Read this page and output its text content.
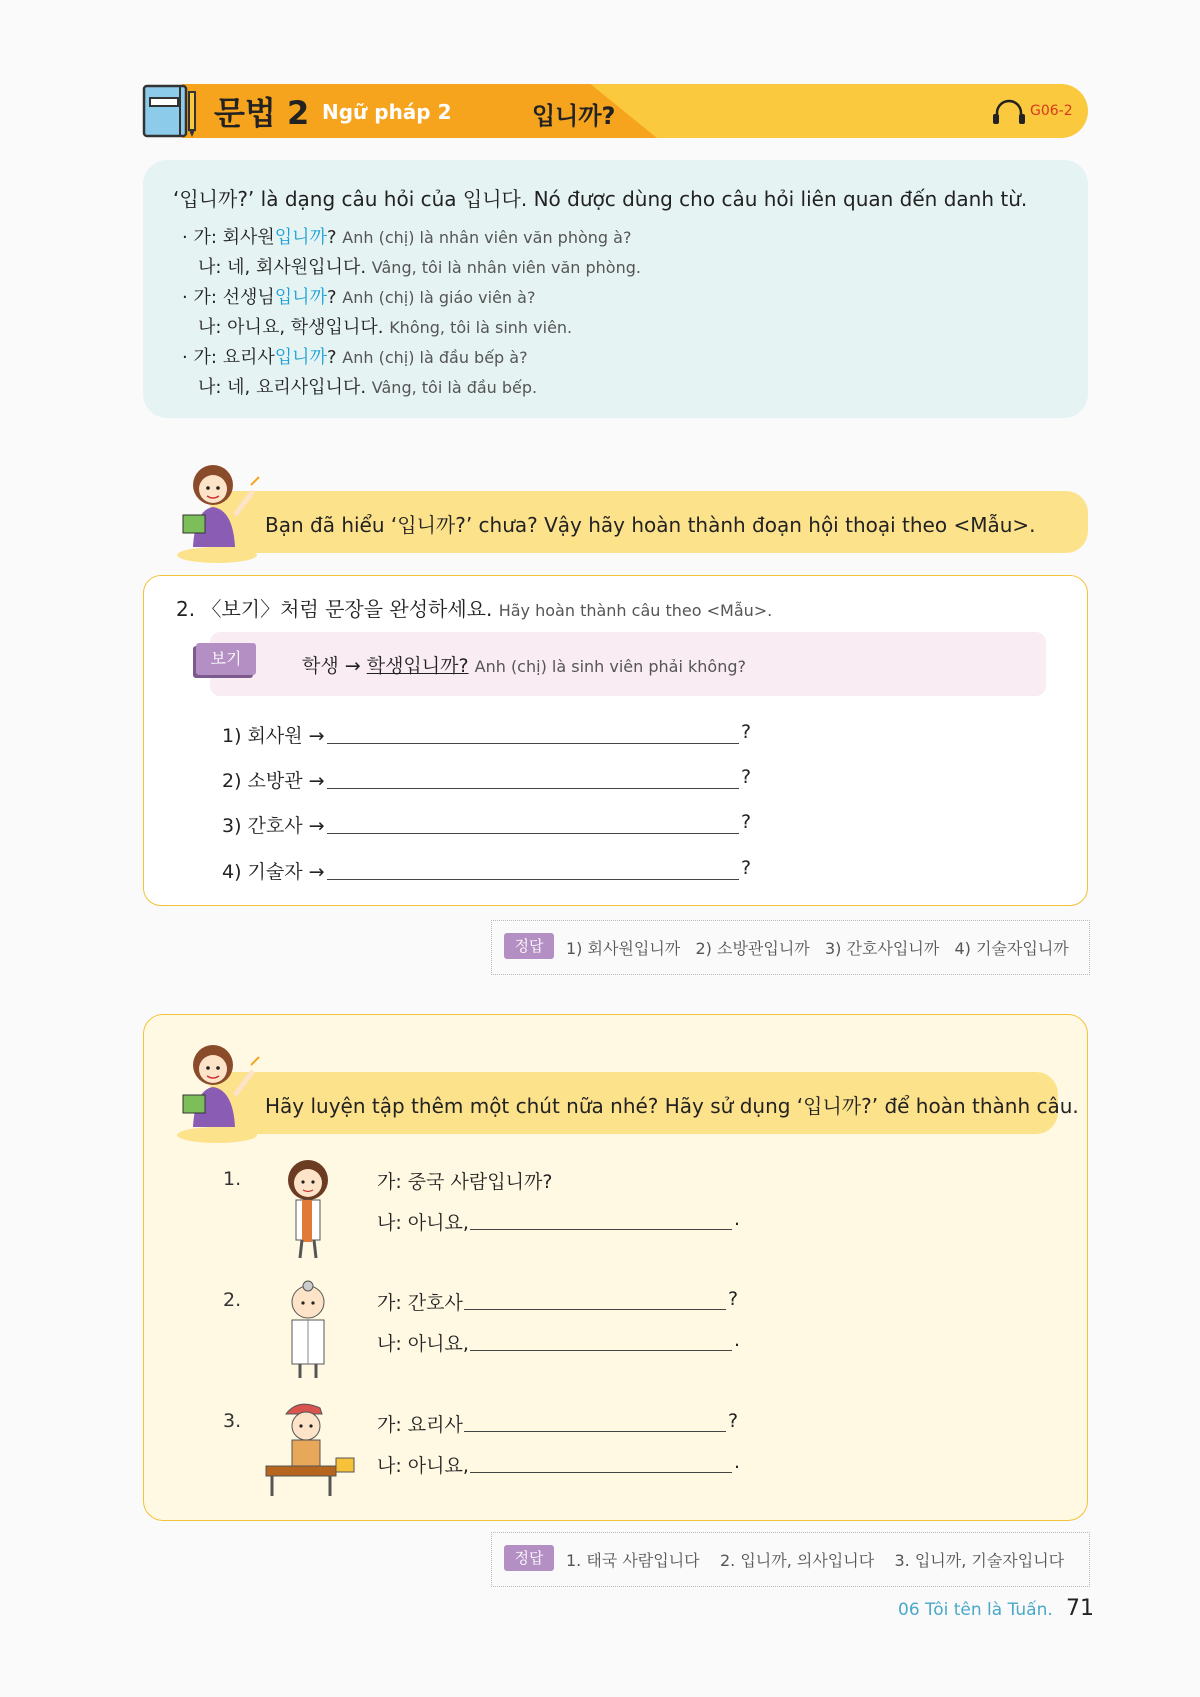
문법 2 Ngữ pháp 2	입니까?	G06-2
‘입니까?’ là dạng câu hỏi của 입니다. Nó được dùng cho câu hỏi liên quan đến danh từ.
· 가: 회사원입니까? Anh (chị) là nhân viên văn phòng à?
나: 네, 회사원입니다. Vâng, tôi là nhân viên văn phòng.
· 가: 선생님입니까? Anh (chị) là giáo viên à?
나: 아니요, 학생입니다. Không, tôi là sinh viên.
· 가: 요리사입니까? Anh (chị) là đầu bếp à?
나: 네, 요리사입니다. Vâng, tôi là đầu bếp.
Bạn đã hiểu ‘입니까?’ chưa? Vậy hãy hoàn thành đoạn hội thoại theo <Mẫu>.
2. 〈보기〉처럼 문장을 완성하세요. Hãy hoàn thành câu theo <Mẫu>.
보기	학생 → 학생입니까? Anh (chị) là sinh viên phải không?
1) 회사원 →	?
2) 소방관 →	?
3) 간호사 →	?
4) 기술자 →	?
정답	1) 회사원입니까   2) 소방관입니까   3) 간호사입니까   4) 기술자입니까
Hãy luyện tập thêm một chút nữa nhé? Hãy sử dụng ‘입니까?’ để hoàn thành câu.
1.	가: 중국 사람입니까?
나: 아니요,	.
2.	가: 간호사	?
나: 아니요,	.
3.	가: 요리사	?
나: 아니요,	.
정답	1. 태국 사람입니다    2. 입니까, 의사입니다    3. 입니까, 기술자입니다
06 Tôi tên là Tuấn. 71
